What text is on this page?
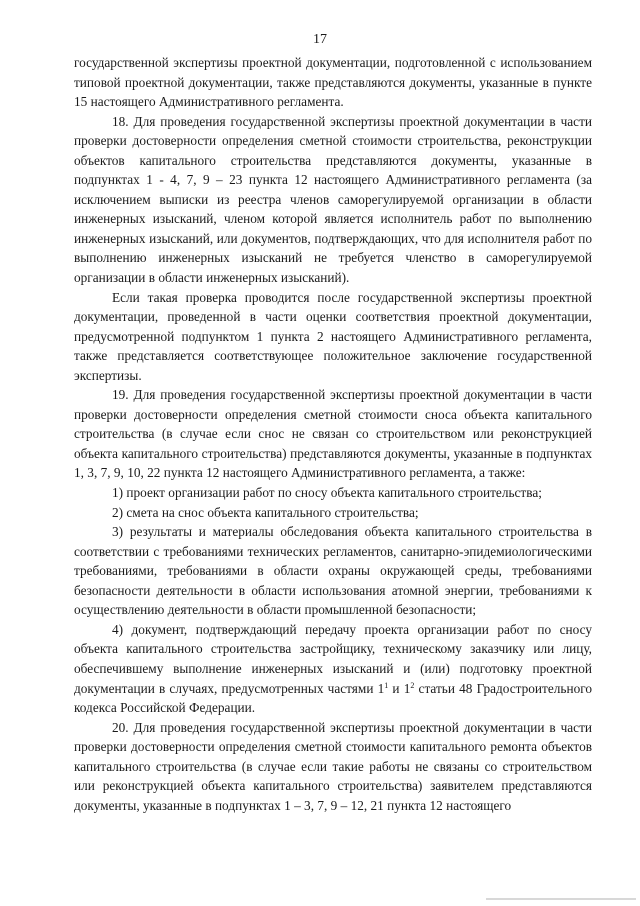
17

государственной экспертизы проектной документации, подготовленной с использованием типовой проектной документации, также представляются документы, указанные в пункте 15 настоящего Административного регламента.

18. Для проведения государственной экспертизы проектной документации в части проверки достоверности определения сметной стоимости строительства, реконструкции объектов капитального строительства представляются документы, указанные в подпунктах 1 - 4, 7, 9 – 23 пункта 12 настоящего Административного регламента (за исключением выписки из реестра членов саморегулируемой организации в области инженерных изысканий, членом которой является исполнитель работ по выполнению инженерных изысканий, или документов, подтверждающих, что для исполнителя работ по выполнению инженерных изысканий не требуется членство в саморегулируемой организации в области инженерных изысканий).

Если такая проверка проводится после государственной экспертизы проектной документации, проведенной в части оценки соответствия проектной документации, предусмотренной подпунктом 1 пункта 2 настоящего Административного регламента, также представляется соответствующее положительное заключение государственной экспертизы.

19. Для проведения государственной экспертизы проектной документации в части проверки достоверности определения сметной стоимости сноса объекта капитального строительства (в случае если снос не связан со строительством или реконструкцией объекта капитального строительства) представляются документы, указанные в подпунктах 1, 3, 7, 9, 10, 22 пункта 12 настоящего Административного регламента, а также:

1) проект организации работ по сносу объекта капитального строительства;

2) смета на снос объекта капитального строительства;

3) результаты и материалы обследования объекта капитального строительства в соответствии с требованиями технических регламентов, санитарно-эпидемиологическими требованиями, требованиями в области охраны окружающей среды, требованиями безопасности деятельности в области использования атомной энергии, требованиями к осуществлению деятельности в области промышленной безопасности;

4) документ, подтверждающий передачу проекта организации работ по сносу объекта капитального строительства застройщику, техническому заказчику или лицу, обеспечившему выполнение инженерных изысканий и (или) подготовку проектной документации в случаях, предусмотренных частями $1^1$ и $1^2$ статьи 48 Градостроительного кодекса Российской Федерации.

20. Для проведения государственной экспертизы проектной документации в части проверки достоверности определения сметной стоимости капитального ремонта объектов капитального строительства (в случае если такие работы не связаны со строительством или реконструкцией объекта капитального строительства) заявителем представляются документы, указанные в подпунктах 1 – 3, 7, 9 – 12, 21 пункта 12 настоящего
